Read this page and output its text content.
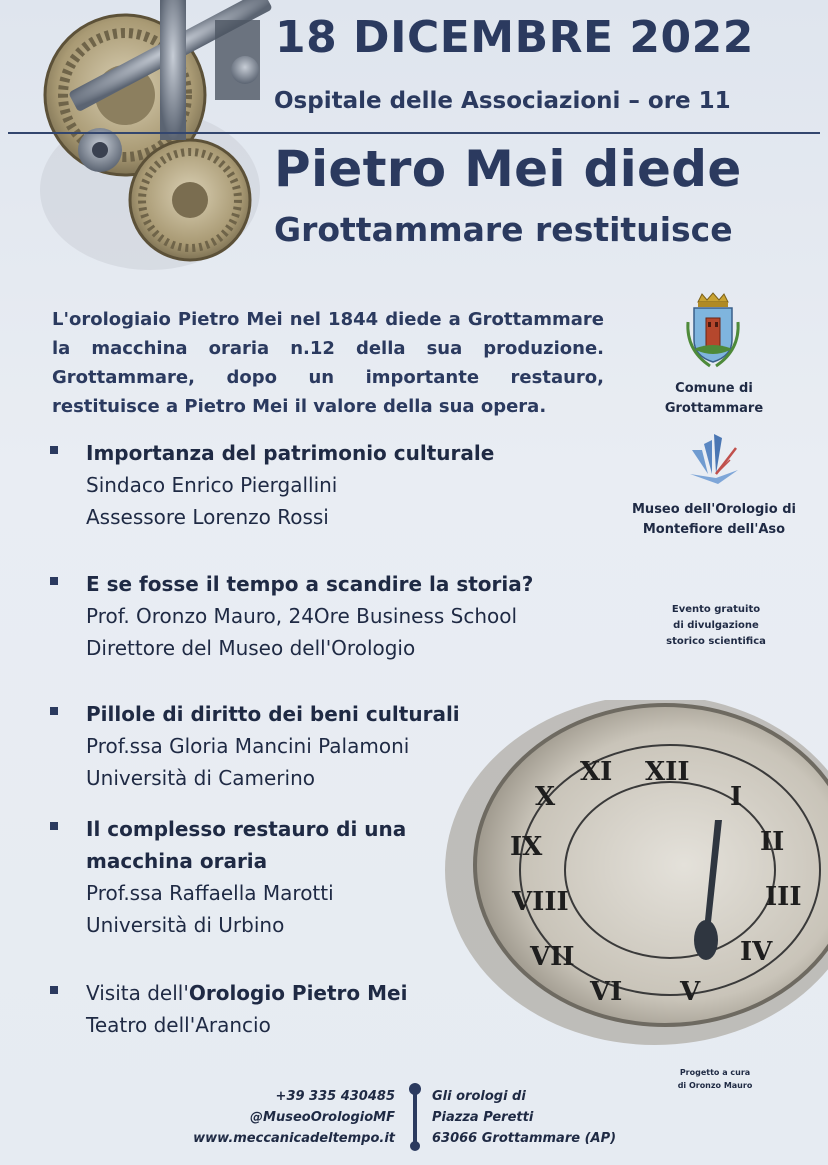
18 DICEMBRE 2022
Ospitale delle Associazioni – ore 11
Pietro Mei diede
Grottammare restituisce
L'orologiaio Pietro Mei nel 1844 diede a Grottammare
la macchina oraria n.12 della sua produzione.
Grottammare, dopo un importante restauro,
restituisce a Pietro Mei il valore della sua opera.
Importanza del patrimonio culturale
Sindaco Enrico Piergallini
Assessore Lorenzo Rossi
E se fosse il tempo a scandire la storia?
Prof. Oronzo Mauro, 24Ore Business School
Direttore del Museo dell'Orologio
Pillole di diritto dei beni culturali
Prof.ssa Gloria Mancini Palamoni
Università di Camerino
Il complesso restauro di una
macchina oraria
Prof.ssa Raffaella Marotti
Università di Urbino
Visita dell'Orologio Pietro Mei
Teatro dell'Arancio
Comune di
Grottammare
Museo dell'Orologio di
Montefiore dell'Aso
Evento gratuito
di divulgazione
storico scientifica
XII
I
II
III
IV
V
VI
VII
VIII
IX
X
XI
Progetto a cura
di Oronzo Mauro
+39 335 430485
@MuseoOrologioMF
www.meccanicadeltempo.it
Gli orologi di
Piazza Peretti
63066 Grottammare (AP)
